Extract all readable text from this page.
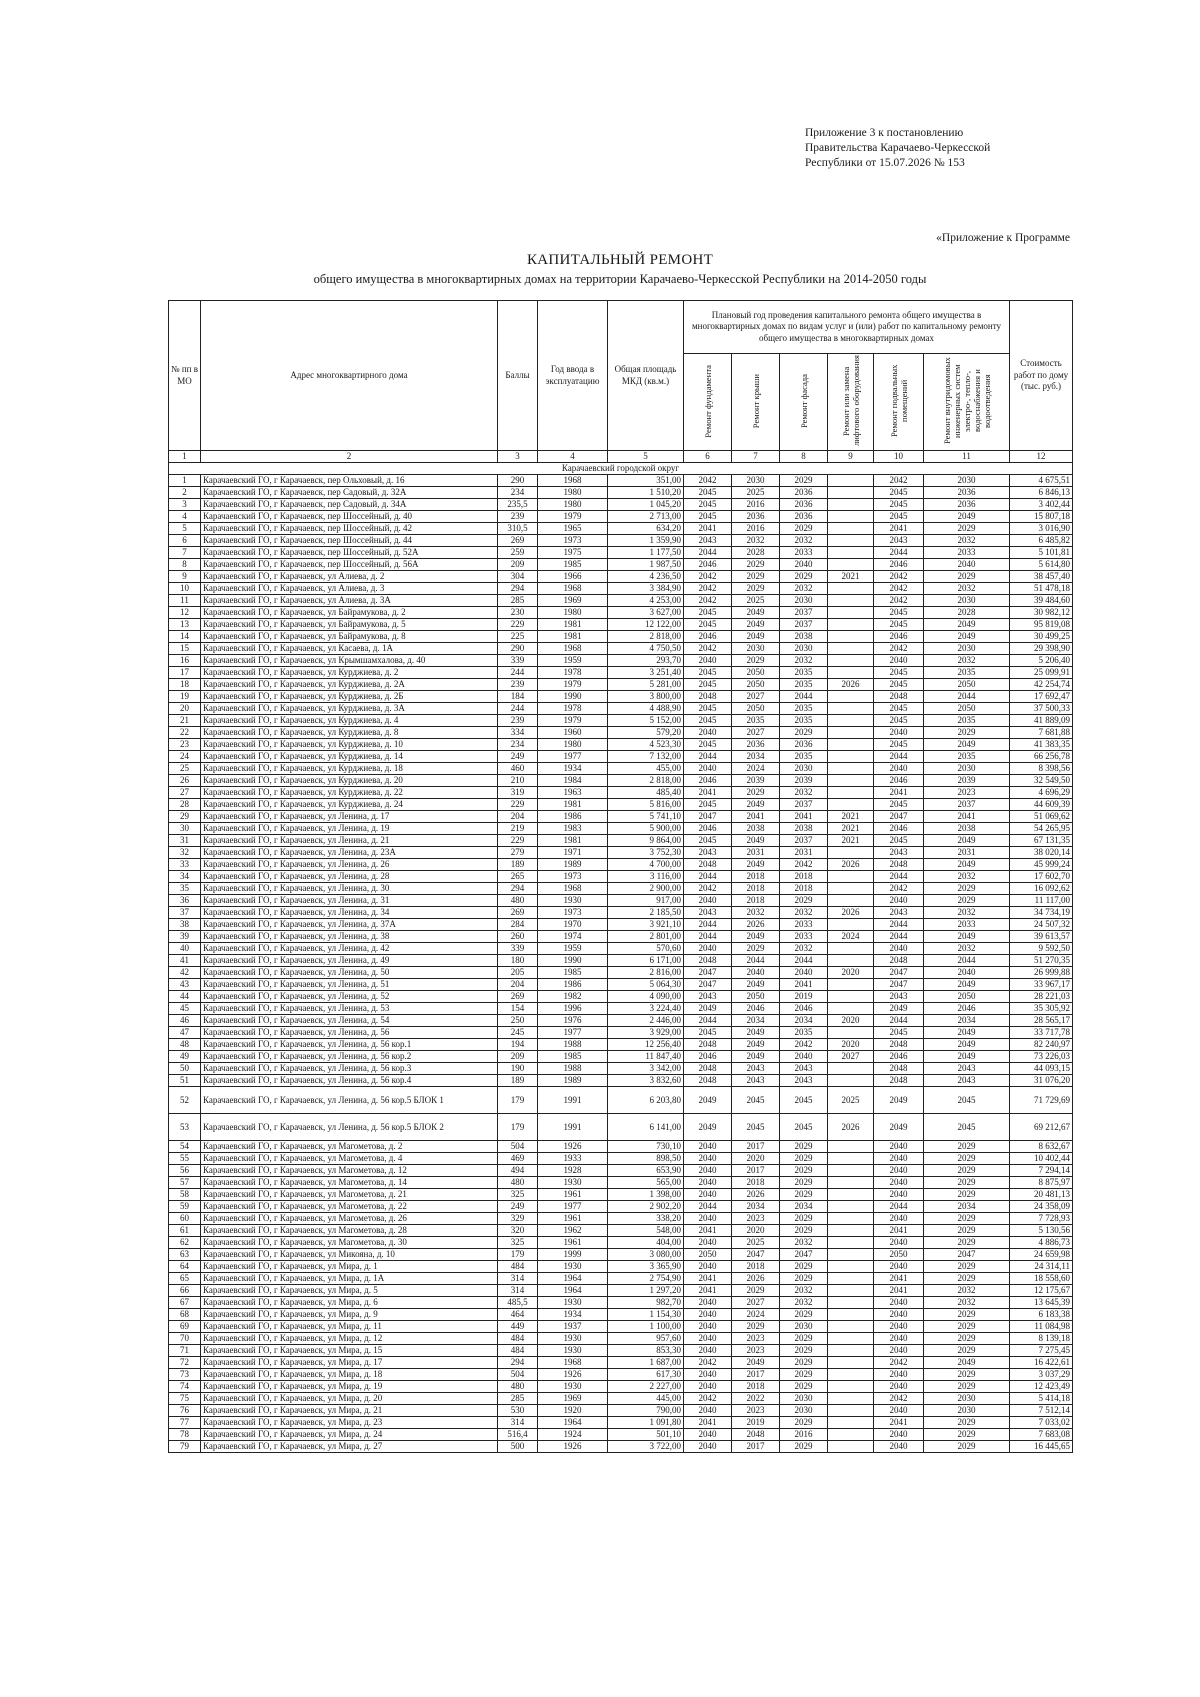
Приложение 3 к постановлению
Правительства Карачаево-Черкесской
Республики от 15.07.2026 № 153
«Приложение к Программе
КАПИТАЛЬНЫЙ РЕМОНТ
общего имущества в многоквартирных домах на территории Карачаево-Черкесской Республики на 2014-2050 годы
№ пп в МО	Адрес многоквартирного дома	Баллы	Год ввода в эксплуатацию	Общая площадь МКД (кв.м.)	Плановый год проведения капитального ремонта общего имущества в многоквартирных домах по видам услуг и (или) работ по капитальному ремонту общего имущества в многоквартирных домах						Стоимость работ по дому (тыс. руб.)
					Ремонт фундамента	Ремонт крыши	Ремонт фасада	Ремонт или замена лифтового оборудования	Ремонт подвальных помещений	Ремонт внутридомовых инженерных систем электро-, тепло-, водоснабжения и водоотведения	
1	2	3	4	5	6	7	8	9	10	11	12
Карачаевский городской округ											
1	Карачаевский ГО, г Карачаевск, пер Ольховый, д. 16	290	1968	351,00	2042	2030	2029		2042	2030	4 675,51
2	Карачаевский ГО, г Карачаевск, пер Садовый, д. 32А	234	1980	1 510,20	2045	2025	2036		2045	2036	6 846,13
3	Карачаевский ГО, г Карачаевск, пер Садовый, д. 34А	235,5	1980	1 045,20	2045	2016	2036		2045	2036	3 402,44
4	Карачаевский ГО, г Карачаевск, пер Шоссейный, д. 40	239	1979	2 713,00	2045	2036	2036		2045	2049	15 807,18
5	Карачаевский ГО, г Карачаевск, пер Шоссейный, д. 42	310,5	1965	634,20	2041	2016	2029		2041	2029	3 016,90
6	Карачаевский ГО, г Карачаевск, пер Шоссейный, д. 44	269	1973	1 359,90	2043	2032	2032		2043	2032	6 485,82
7	Карачаевский ГО, г Карачаевск, пер Шоссейный, д. 52А	259	1975	1 177,50	2044	2028	2033		2044	2033	5 101,81
8	Карачаевский ГО, г Карачаевск, пер Шоссейный, д. 56А	209	1985	1 987,50	2046	2029	2040		2046	2040	5 614,80
9	Карачаевский ГО, г Карачаевск, ул Алиева, д. 2	304	1966	4 236,50	2042	2029	2029	2021	2042	2029	38 457,40
10	Карачаевский ГО, г Карачаевск, ул Алиева, д. 3	294	1968	3 384,90	2042	2029	2032		2042	2032	51 478,18
11	Карачаевский ГО, г Карачаевск, ул Алиева, д. 3А	285	1969	4 253,00	2042	2025	2030		2042	2030	39 484,60
12	Карачаевский ГО, г Карачаевск, ул Байрамукова, д. 2	230	1980	3 627,00	2045	2049	2037		2045	2028	30 982,12
13	Карачаевский ГО, г Карачаевск, ул Байрамукова, д. 5	229	1981	12 122,00	2045	2049	2037		2045	2049	95 819,08
14	Карачаевский ГО, г Карачаевск, ул Байрамукова, д. 8	225	1981	2 818,00	2046	2049	2038		2046	2049	30 499,25
15	Карачаевский ГО, г Карачаевск, ул Касаева, д. 1А	290	1968	4 750,50	2042	2030	2030		2042	2030	29 398,90
16	Карачаевский ГО, г Карачаевск, ул Крымшамхалова, д. 40	339	1959	293,70	2040	2029	2032		2040	2032	5 206,40
17	Карачаевский ГО, г Карачаевск, ул Курджиева, д. 2	244	1978	3 251,40	2045	2050	2035		2045	2035	25 099,91
18	Карачаевский ГО, г Карачаевск, ул Курджиева, д. 2А	239	1979	5 281,00	2045	2050	2035	2026	2045	2050	42 254,74
19	Карачаевский ГО, г Карачаевск, ул Курджиева, д. 2Б	184	1990	3 800,00	2048	2027	2044		2048	2044	17 692,47
20	Карачаевский ГО, г Карачаевск, ул Курджиева, д. 3А	244	1978	4 488,90	2045	2050	2035		2045	2050	37 500,33
21	Карачаевский ГО, г Карачаевск, ул Курджиева, д. 4	239	1979	5 152,00	2045	2035	2035		2045	2035	41 889,09
22	Карачаевский ГО, г Карачаевск, ул Курджиева, д. 8	334	1960	579,20	2040	2027	2029		2040	2029	7 681,88
23	Карачаевский ГО, г Карачаевск, ул Курджиева, д. 10	234	1980	4 523,30	2045	2036	2036		2045	2049	41 383,35
24	Карачаевский ГО, г Карачаевск, ул Курджиева, д. 14	249	1977	7 132,00	2044	2034	2035		2044	2035	66 256,78
25	Карачаевский ГО, г Карачаевск, ул Курджиева, д. 18	460	1934	455,00	2040	2024	2030		2040	2030	8 398,56
26	Карачаевский ГО, г Карачаевск, ул Курджиева, д. 20	210	1984	2 818,00	2046	2039	2039		2046	2039	32 549,50
27	Карачаевский ГО, г Карачаевск, ул Курджиева, д. 22	319	1963	485,40	2041	2029	2032		2041	2023	4 696,29
28	Карачаевский ГО, г Карачаевск, ул Курджиева, д. 24	229	1981	5 816,00	2045	2049	2037		2045	2037	44 609,39
29	Карачаевский ГО, г Карачаевск, ул Ленина, д. 17	204	1986	5 741,10	2047	2041	2041	2021	2047	2041	51 069,62
30	Карачаевский ГО, г Карачаевск, ул Ленина, д. 19	219	1983	5 900,00	2046	2038	2038	2021	2046	2038	54 265,95
31	Карачаевский ГО, г Карачаевск, ул Ленина, д. 21	229	1981	9 864,00	2045	2049	2037	2021	2045	2049	67 131,35
32	Карачаевский ГО, г Карачаевск, ул Ленина, д. 23А	279	1971	3 752,30	2043	2031	2031		2043	2031	38 020,14
33	Карачаевский ГО, г Карачаевск, ул Ленина, д. 26	189	1989	4 700,00	2048	2049	2042	2026	2048	2049	45 999,24
34	Карачаевский ГО, г Карачаевск, ул Ленина, д. 28	265	1973	3 116,00	2044	2018	2018		2044	2032	17 602,70
35	Карачаевский ГО, г Карачаевск, ул Ленина, д. 30	294	1968	2 900,00	2042	2018	2018		2042	2029	16 092,62
36	Карачаевский ГО, г Карачаевск, ул Ленина, д. 31	480	1930	917,00	2040	2018	2029		2040	2029	11 117,00
37	Карачаевский ГО, г Карачаевск, ул Ленина, д. 34	269	1973	2 185,50	2043	2032	2032	2026	2043	2032	34 734,19
38	Карачаевский ГО, г Карачаевск, ул Ленина, д. 37А	284	1970	3 921,10	2044	2026	2033		2044	2033	24 507,32
39	Карачаевский ГО, г Карачаевск, ул Ленина, д. 38	260	1974	2 801,00	2044	2049	2033	2024	2044	2049	39 613,57
40	Карачаевский ГО, г Карачаевск, ул Ленина, д. 42	339	1959	570,60	2040	2029	2032		2040	2032	9 592,50
41	Карачаевский ГО, г Карачаевск, ул Ленина, д. 49	180	1990	6 171,00	2048	2044	2044		2048	2044	51 270,35
42	Карачаевский ГО, г Карачаевск, ул Ленина, д. 50	205	1985	2 816,00	2047	2040	2040	2020	2047	2040	26 999,88
43	Карачаевский ГО, г Карачаевск, ул Ленина, д. 51	204	1986	5 064,30	2047	2049	2041		2047	2049	33 967,17
44	Карачаевский ГО, г Карачаевск, ул Ленина, д. 52	269	1982	4 090,00	2043	2050	2019		2043	2050	28 221,03
45	Карачаевский ГО, г Карачаевск, ул Ленина, д. 53	154	1996	3 224,40	2049	2046	2046		2049	2046	35 305,92
46	Карачаевский ГО, г Карачаевск, ул Ленина, д. 54	250	1976	2 446,00	2044	2034	2034	2020	2044	2034	28 565,17
47	Карачаевский ГО, г Карачаевск, ул Ленина, д. 56	245	1977	3 929,00	2045	2049	2035		2045	2049	33 717,78
48	Карачаевский ГО, г Карачаевск, ул Ленина, д. 56 кор.1	194	1988	12 256,40	2048	2049	2042	2020	2048	2049	82 240,97
49	Карачаевский ГО, г Карачаевск, ул Ленина, д. 56 кор.2	209	1985	11 847,40	2046	2049	2040	2027	2046	2049	73 226,03
50	Карачаевский ГО, г Карачаевск, ул Ленина, д. 56 кор.3	190	1988	3 342,00	2048	2043	2043		2048	2043	44 093,15
51	Карачаевский ГО, г Карачаевск, ул Ленина, д. 56 кор.4	189	1989	3 832,60	2048	2043	2043		2048	2043	31 076,20
52	Карачаевский ГО, г Карачаевск, ул Ленина, д. 56 кор.5 БЛОК 1	179	1991	6 203,80	2049	2045	2045	2025	2049	2045	71 729,69
53	Карачаевский ГО, г Карачаевск, ул Ленина, д. 56 кор.5 БЛОК 2	179	1991	6 141,00	2049	2045	2045	2026	2049	2045	69 212,67
54	Карачаевский ГО, г Карачаевск, ул Магометова, д. 2	504	1926	730,10	2040	2017	2029		2040	2029	8 632,67
55	Карачаевский ГО, г Карачаевск, ул Магометова, д. 4	469	1933	898,50	2040	2020	2029		2040	2029	10 402,44
56	Карачаевский ГО, г Карачаевск, ул Магометова, д. 12	494	1928	653,90	2040	2017	2029		2040	2029	7 294,14
57	Карачаевский ГО, г Карачаевск, ул Магометова, д. 14	480	1930	565,00	2040	2018	2029		2040	2029	8 875,97
58	Карачаевский ГО, г Карачаевск, ул Магометова, д. 21	325	1961	1 398,00	2040	2026	2029		2040	2029	20 481,13
59	Карачаевский ГО, г Карачаевск, ул Магометова, д. 22	249	1977	2 902,20	2044	2034	2034		2044	2034	24 358,09
60	Карачаевский ГО, г Карачаевск, ул Магометова, д. 26	329	1961	338,20	2040	2023	2029		2040	2029	7 728,93
61	Карачаевский ГО, г Карачаевск, ул Магометова, д. 28	320	1962	548,00	2041	2020	2029		2041	2029	5 130,56
62	Карачаевский ГО, г Карачаевск, ул Магометова, д. 30	325	1961	404,00	2040	2025	2032		2040	2029	4 886,73
63	Карачаевский ГО, г Карачаевск, ул Микояна, д. 10	179	1999	3 080,00	2050	2047	2047		2050	2047	24 659,98
64	Карачаевский ГО, г Карачаевск, ул Мира, д. 1	484	1930	3 365,90	2040	2018	2029		2040	2029	24 314,11
65	Карачаевский ГО, г Карачаевск, ул Мира, д. 1А	314	1964	2 754,90	2041	2026	2029		2041	2029	18 558,60
66	Карачаевский ГО, г Карачаевск, ул Мира, д. 5	314	1964	1 297,20	2041	2029	2032		2041	2032	12 175,67
67	Карачаевский ГО, г Карачаевск, ул Мира, д. 6	485,5	1930	982,70	2040	2027	2032		2040	2032	13 645,39
68	Карачаевский ГО, г Карачаевск, ул Мира, д. 9	464	1934	1 154,30	2040	2024	2029		2040	2029	6 183,38
69	Карачаевский ГО, г Карачаевск, ул Мира, д. 11	449	1937	1 100,00	2040	2029	2030		2040	2029	11 084,98
70	Карачаевский ГО, г Карачаевск, ул Мира, д. 12	484	1930	957,60	2040	2023	2029		2040	2029	8 139,18
71	Карачаевский ГО, г Карачаевск, ул Мира, д. 15	484	1930	853,30	2040	2023	2029		2040	2029	7 275,45
72	Карачаевский ГО, г Карачаевск, ул Мира, д. 17	294	1968	1 687,00	2042	2049	2029		2042	2049	16 422,61
73	Карачаевский ГО, г Карачаевск, ул Мира, д. 18	504	1926	617,30	2040	2017	2029		2040	2029	3 037,29
74	Карачаевский ГО, г Карачаевск, ул Мира, д. 19	480	1930	2 227,00	2040	2018	2029		2040	2029	12 423,49
75	Карачаевский ГО, г Карачаевск, ул Мира, д. 20	285	1969	445,00	2042	2022	2030		2042	2030	5 414,18
76	Карачаевский ГО, г Карачаевск, ул Мира, д. 21	530	1920	790,00	2040	2023	2030		2040	2030	7 512,14
77	Карачаевский ГО, г Карачаевск, ул Мира, д. 23	314	1964	1 091,80	2041	2019	2029		2041	2029	7 033,02
78	Карачаевский ГО, г Карачаевск, ул Мира, д. 24	516,4	1924	501,10	2040	2048	2016		2040	2029	7 683,08
79	Карачаевский ГО, г Карачаевск, ул Мира, д. 27	500	1926	3 722,00	2040	2017	2029		2040	2029	16 445,65
